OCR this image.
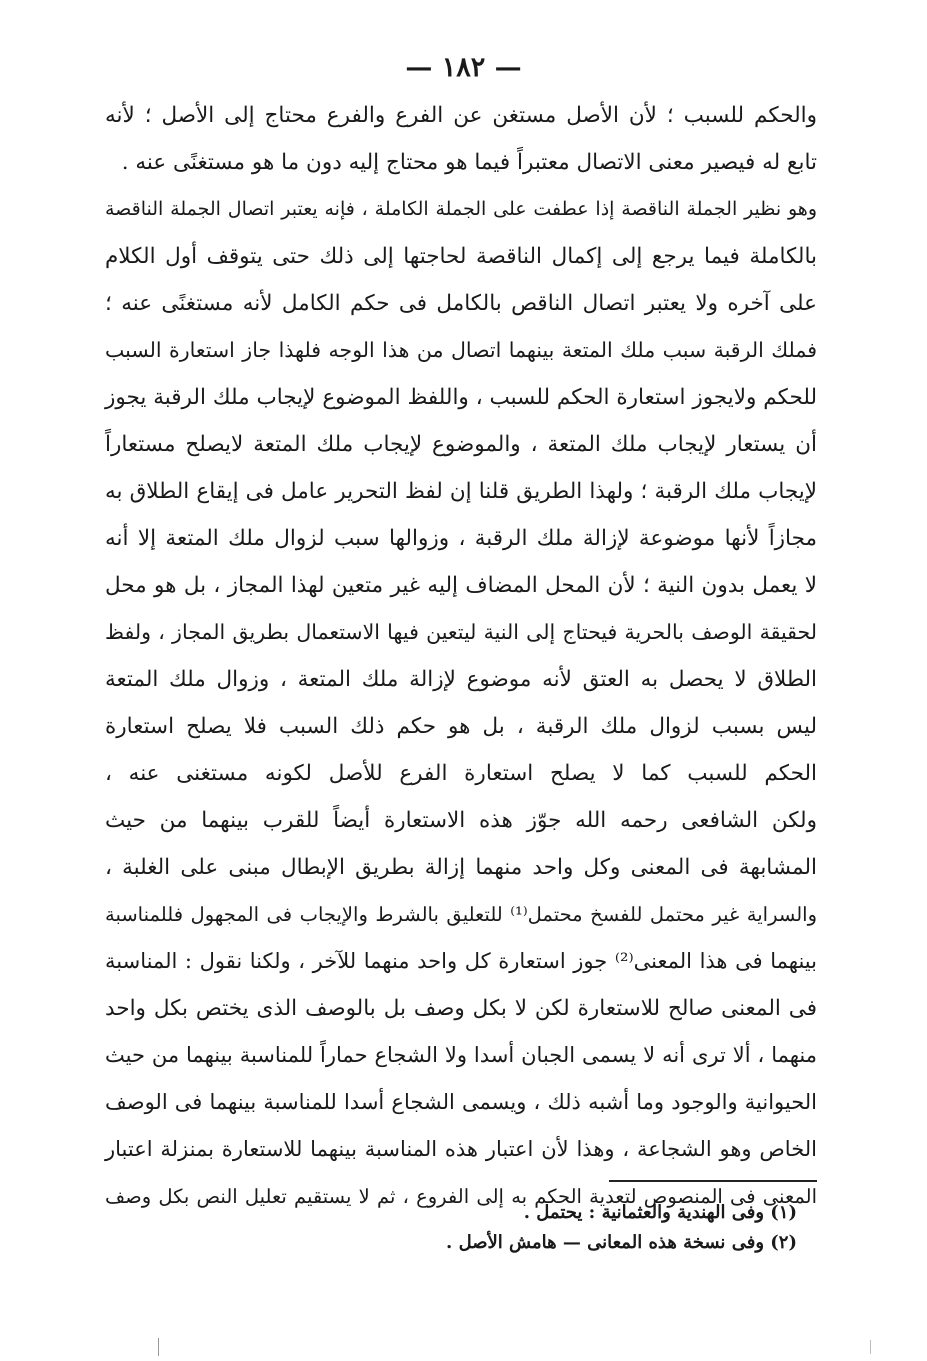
— ١٨٢ —
والحكم للسبب ؛ لأن الأصل مستغن عن الفرع والفرع محتاج إلى الأصل ؛ لأنه
تابع له فيصير معنى الاتصال معتبراً فيما هو محتاج إليه دون ما هو مستغنًى عنه .
وهو نظير الجملة الناقصة إذا عطفت على الجملة الكاملة ، فإنه يعتبر اتصال الجملة الناقصة
بالكاملة فيما يرجع إلى إكمال الناقصة لحاجتها إلى ذلك حتى يتوقف أول الكلام
على آخره ولا يعتبر اتصال الناقص بالكامل فى حكم الكامل لأنه مستغنًى عنه ؛
فملك الرقبة سبب ملك المتعة بينهما اتصال من هذا الوجه فلهذا جاز استعارة السبب
للحكم ولايجوز استعارة الحكم للسبب ، واللفظ الموضوع لإيجاب ملك الرقبة يجوز
أن يستعار لإيجاب ملك المتعة ، والموضوع لإيجاب ملك المتعة لايصلح مستعاراً
لإيجاب ملك الرقبة ؛ ولهذا الطريق قلنا إن لفظ التحرير عامل فى إيقاع الطلاق به
مجازاً لأنها موضوعة لإزالة ملك الرقبة ، وزوالها سبب لزوال ملك المتعة إلا أنه
لا يعمل بدون النية ؛ لأن المحل المضاف إليه غير متعين لهذا المجاز ، بل هو محل
لحقيقة الوصف بالحرية فيحتاج إلى النية ليتعين فيها الاستعمال بطريق المجاز ، ولفظ
الطلاق لا يحصل به العتق لأنه موضوع لإزالة ملك المتعة ، وزوال ملك المتعة
ليس بسبب لزوال ملك الرقبة ، بل هو حكم ذلك السبب فلا يصلح استعارة
الحكم للسبب كما لا يصلح استعارة الفرع للأصل لكونه مستغنى عنه ،
ولكن الشافعى رحمه الله جوّز هذه الاستعارة أيضاً للقرب بينهما من حيث
المشابهة فى المعنى وكل واحد منهما إزالة بطريق الإبطال مبنى على الغلبة ،
والسراية غير محتمل للفسخ محتمل⁽¹⁾ للتعليق بالشرط والإيجاب فى المجهول فللمناسبة
بينهما فى هذا المعنى⁽²⁾ جوز استعارة كل واحد منهما للآخر ، ولكنا نقول : المناسبة
فى المعنى صالح للاستعارة لكن لا بكل وصف بل بالوصف الذى يختص بكل واحد
منهما ، ألا ترى أنه لا يسمى الجبان أسدا ولا الشجاع حماراً للمناسبة بينهما من حيث
الحيوانية والوجود وما أشبه ذلك ، ويسمى الشجاع أسدا للمناسبة بينهما فى الوصف
الخاص وهو الشجاعة ، وهذا لأن اعتبار هذه المناسبة بينهما للاستعارة بمنزلة اعتبار
المعنى فى المنصوص لتعدية الحكم به إلى الفروع ، ثم لا يستقيم تعليل النص بكل وصف
(١) وفى الهندية والعثمانية : يحتمل .
(٢) وفى نسخة هذه المعانى — هامش الأصل .
